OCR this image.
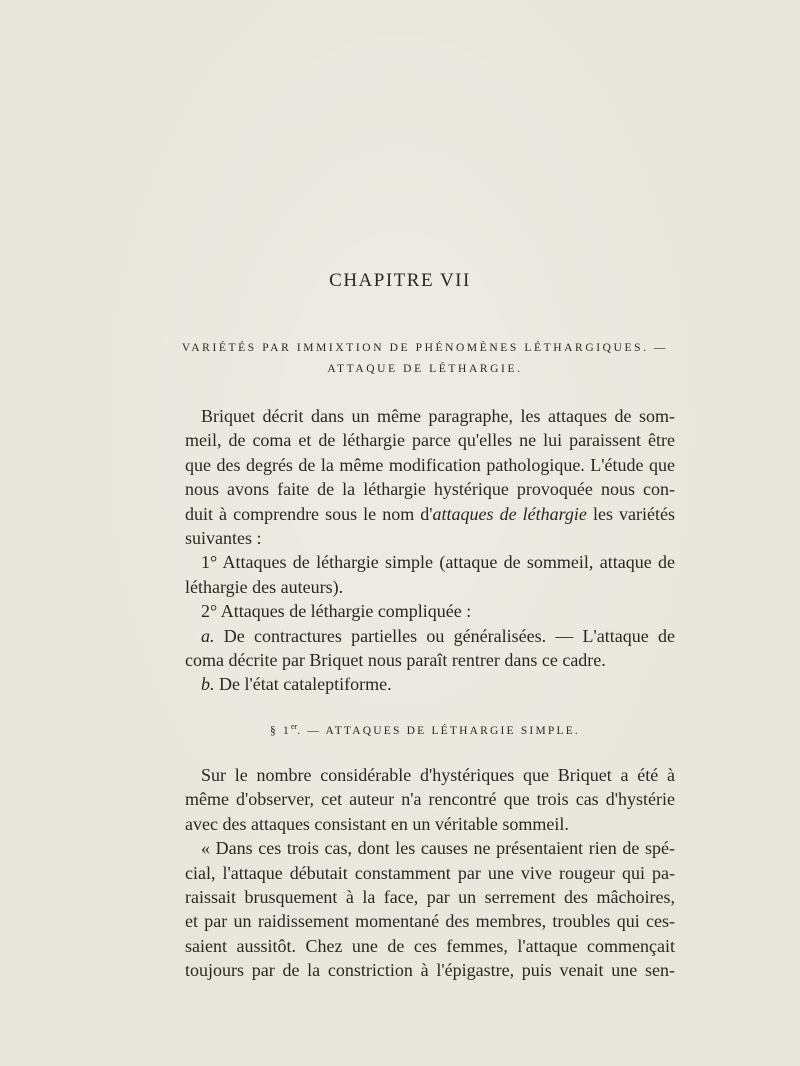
CHAPITRE VII
VARIÉTÉS PAR IMMIXTION DE PHÉNOMÈNES LÉTHARGIQUES. —
ATTAQUE DE LÉTHARGIE.
Briquet décrit dans un même paragraphe, les attaques de som-
meil, de coma et de léthargie parce qu'elles ne lui paraissent être
que des degrés de la même modification pathologique. L'étude que
nous avons faite de la léthargie hystérique provoquée nous con-
duit à comprendre sous le nom d'attaques de léthargie les variétés
suivantes :
1° Attaques de léthargie simple (attaque de sommeil, attaque de
léthargie des auteurs).
2° Attaques de léthargie compliquée :
a. De contractures partielles ou généralisées. — L'attaque de
coma décrite par Briquet nous paraît rentrer dans ce cadre.
b. De l'état cataleptiforme.
§ 1er. — ATTAQUES DE LÉTHARGIE SIMPLE.
Sur le nombre considérable d'hystériques que Briquet a été à
même d'observer, cet auteur n'a rencontré que trois cas d'hystérie
avec des attaques consistant en un véritable sommeil.
« Dans ces trois cas, dont les causes ne présentaient rien de spé-
cial, l'attaque débutait constamment par une vive rougeur qui pa-
raissait brusquement à la face, par un serrement des mâchoires,
et par un raidissement momentané des membres, troubles qui ces-
saient aussitôt. Chez une de ces femmes, l'attaque commençait
toujours par de la constriction à l'épigastre, puis venait une sen-
